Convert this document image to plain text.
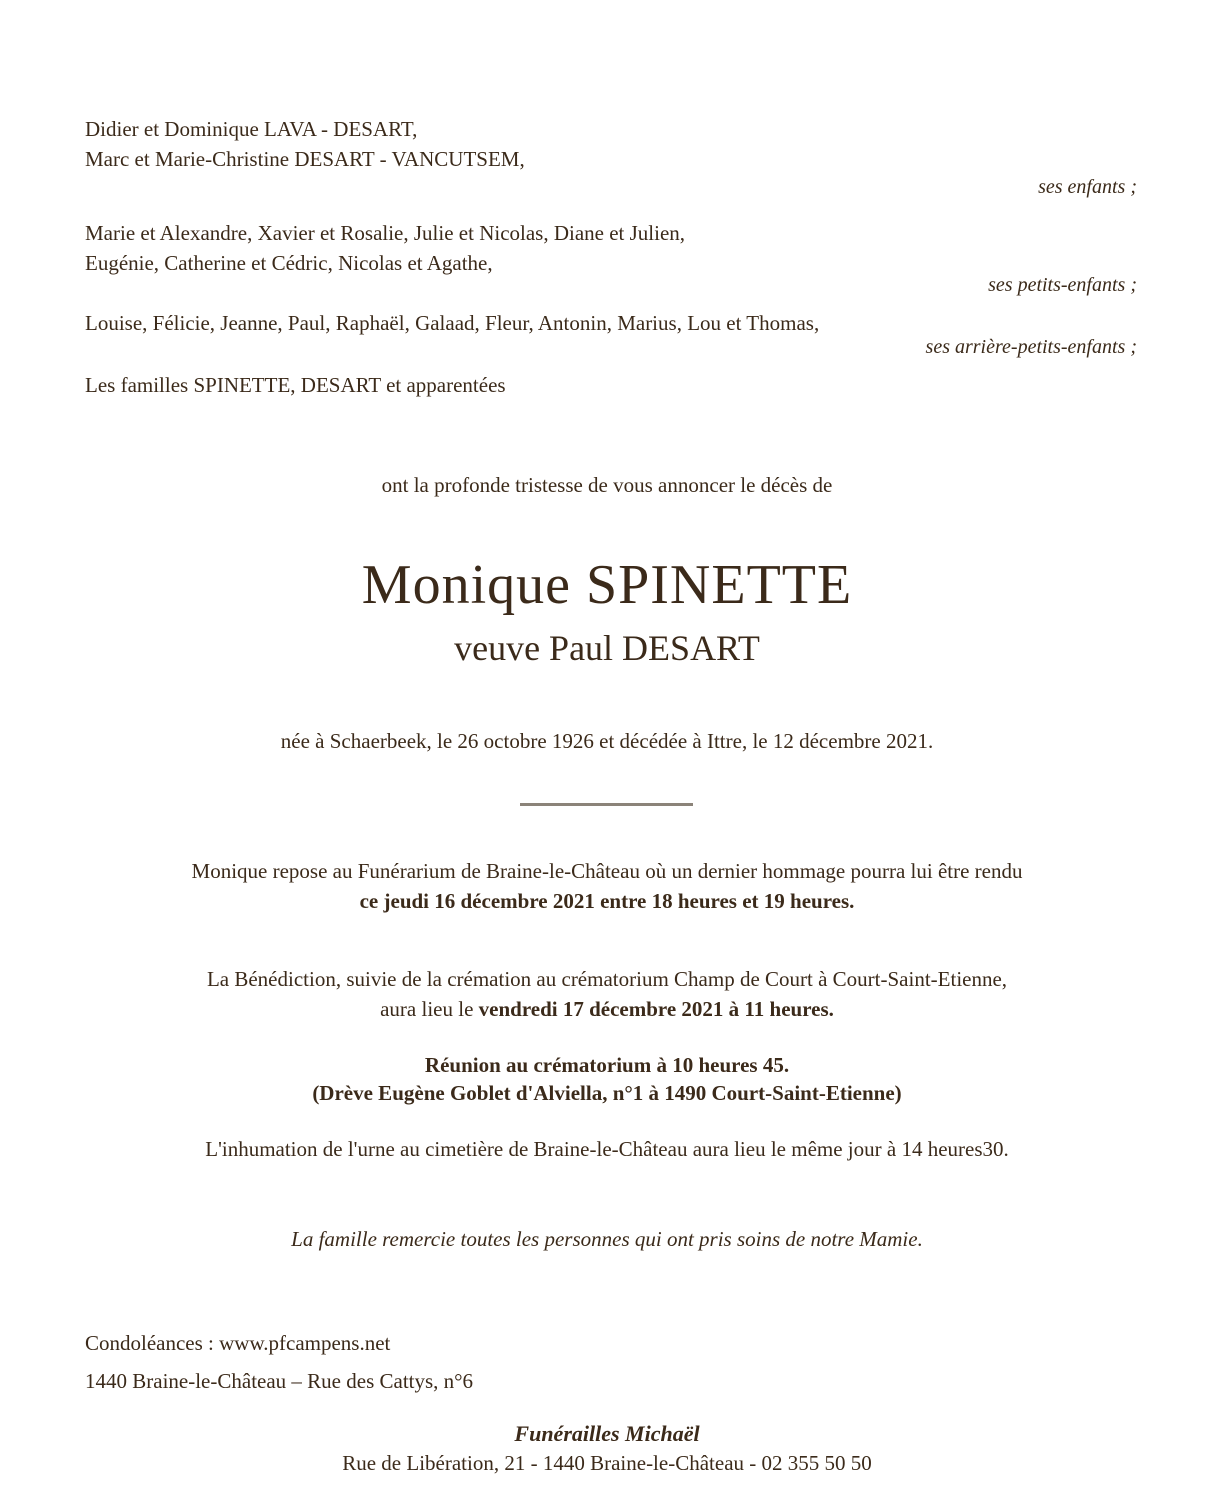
Didier et Dominique LAVA - DESART,
Marc et Marie-Christine DESART - VANCUTSEM,
ses enfants ;
Marie et Alexandre, Xavier et Rosalie, Julie et Nicolas, Diane et Julien,
Eugénie, Catherine et Cédric, Nicolas et Agathe,
ses petits-enfants ;
Louise, Félicie, Jeanne, Paul, Raphaël, Galaad, Fleur, Antonin, Marius, Lou et Thomas,
ses arrière-petits-enfants ;
Les familles SPINETTE, DESART et apparentées
ont la profonde tristesse de vous annoncer le décès de
Monique SPINETTE
veuve Paul DESART
née à Schaerbeek, le 26 octobre 1926 et décédée à Ittre, le 12 décembre 2021.
Monique repose au Funérarium de Braine-le-Château où un dernier hommage pourra lui être rendu
ce jeudi 16 décembre 2021 entre 18 heures et 19 heures.
La Bénédiction, suivie de la crémation au crématorium Champ de Court à Court-Saint-Etienne,
aura lieu le vendredi 17 décembre 2021 à 11 heures.
Réunion au crématorium à 10 heures 45.
(Drève Eugène Goblet d'Alviella, n°1 à 1490 Court-Saint-Etienne)
L'inhumation de l'urne au cimetière de Braine-le-Château aura lieu le même jour à 14 heures30.
La famille remercie toutes les personnes qui ont pris soins de notre Mamie.
Condoléances : www.pfcampens.net
1440 Braine-le-Château – Rue des Cattys, n°6
Funérailles Michaël
Rue de Libération, 21 - 1440 Braine-le-Château - 02 355 50 50
